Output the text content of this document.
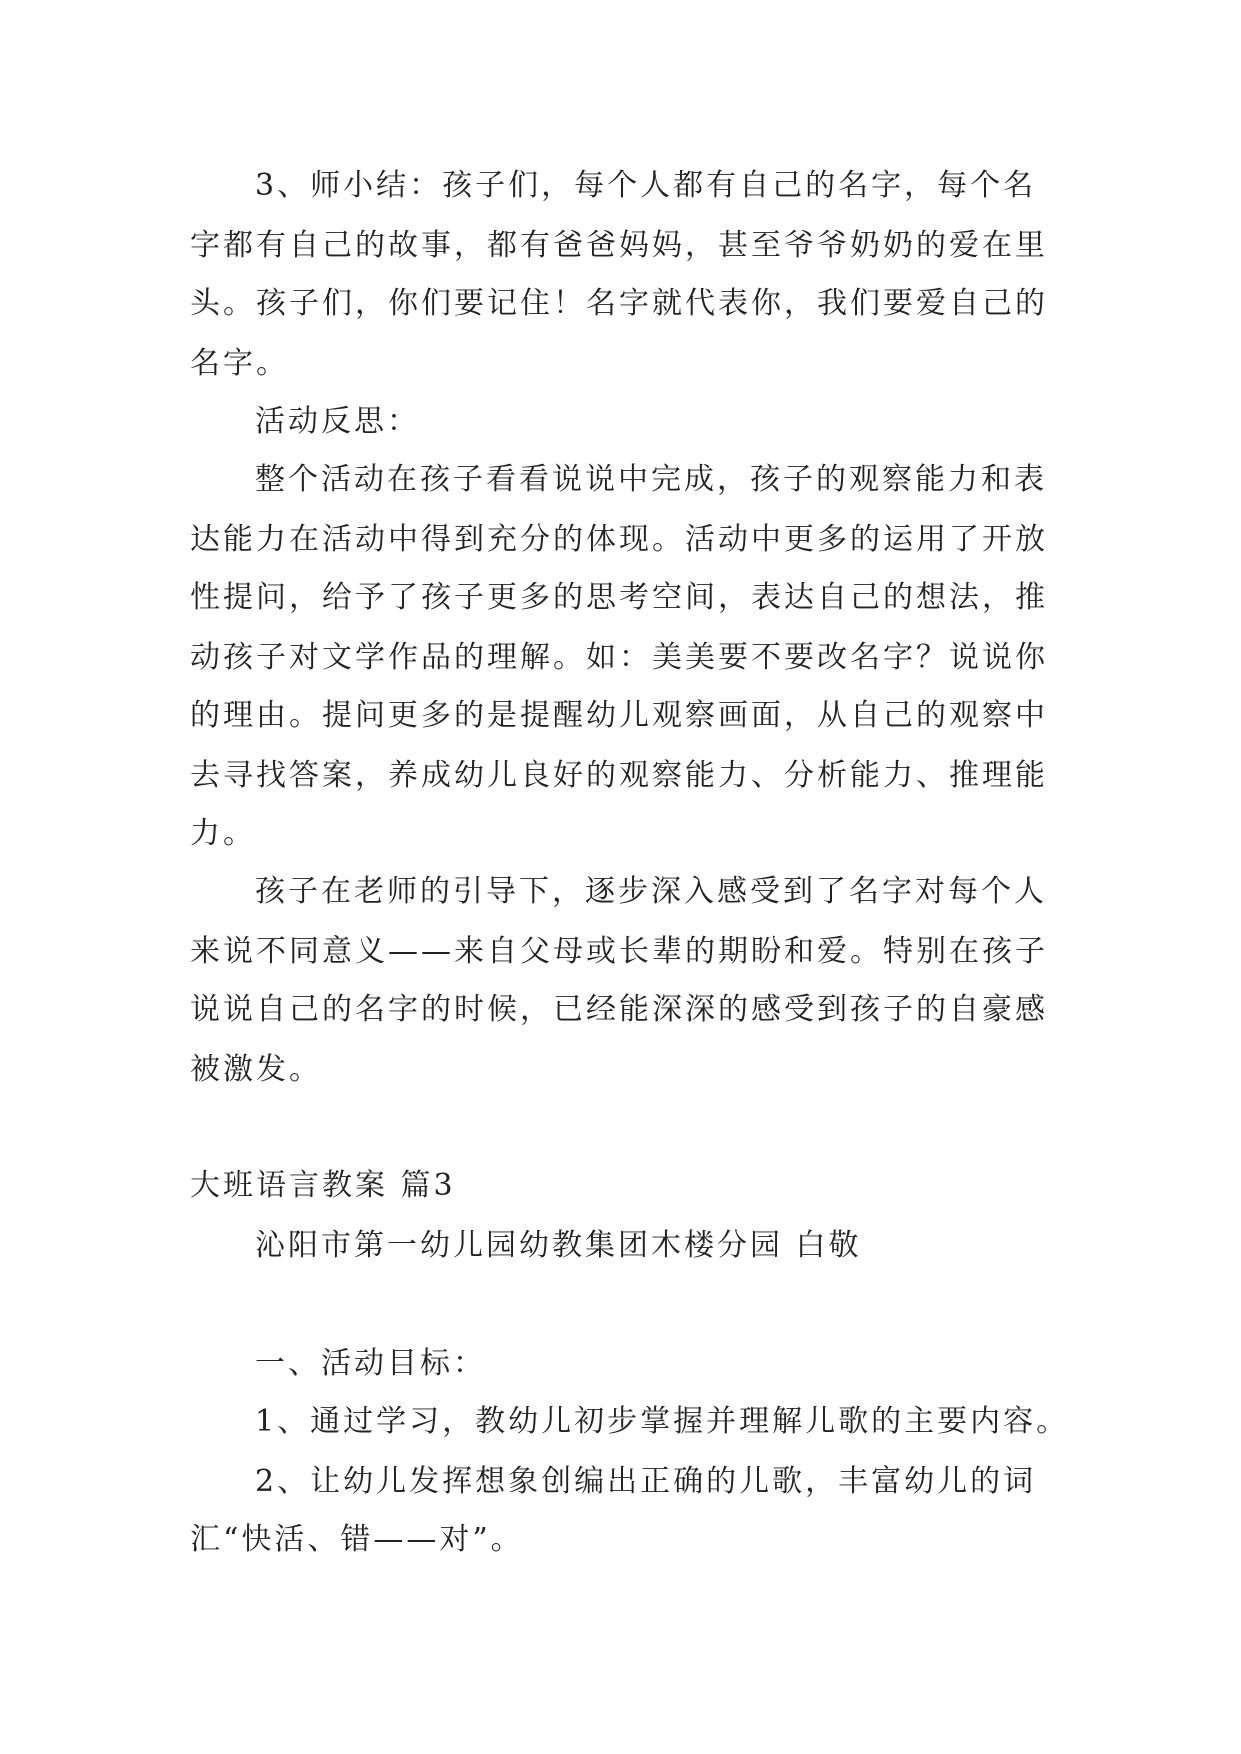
3、师小结：孩子们，每个人都有自己的名字，每个名
字都有自己的故事，都有爸爸妈妈，甚至爷爷奶奶的爱在里
头。孩子们，你们要记住！名字就代表你，我们要爱自己的
名字。
活动反思：
整个活动在孩子看看说说中完成，孩子的观察能力和表
达能力在活动中得到充分的体现。活动中更多的运用了开放
性提问，给予了孩子更多的思考空间，表达自己的想法，推
动孩子对文学作品的理解。如：美美要不要改名字？说说你
的理由。提问更多的是提醒幼儿观察画面，从自己的观察中
去寻找答案，养成幼儿良好的观察能力、分析能力、推理能
力。
孩子在老师的引导下，逐步深入感受到了名字对每个人
来说不同意义——来自父母或长辈的期盼和爱。特别在孩子
说说自己的名字的时候，已经能深深的感受到孩子的自豪感
被激发。
大班语言教案 篇3
沁阳市第一幼儿园幼教集团木楼分园 白敬
一、活动目标：
1、通过学习，教幼儿初步掌握并理解儿歌的主要内容。
2、让幼儿发挥想象创编出正确的儿歌，丰富幼儿的词
汇“快活、错——对”。
